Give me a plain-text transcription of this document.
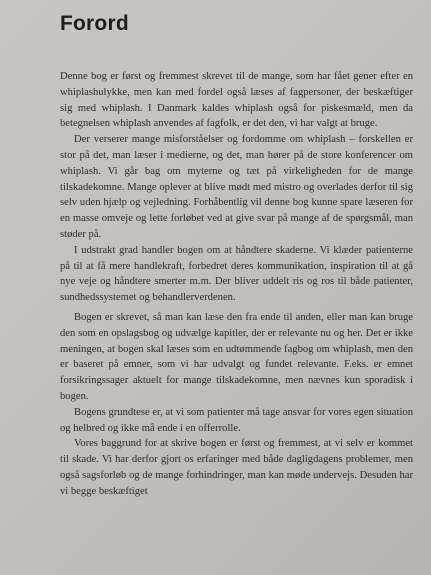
Forord

Denne bog er først og fremmest skrevet til de mange, som har fået gener efter en whiplashulykke, men kan med fordel også læses af fagpersoner, der beskæftiger sig med whiplash. I Danmark kaldes whiplash også for piskesmæld, men da betegnelsen whiplash anvendes af fagfolk, er det den, vi har valgt at bruge.

Der verserer mange misforståelser og fordomme om whiplash – forskellen er stor på det, man læser i medierne, og det, man hører på de store konferencer om whiplash. Vi går bag om myterne og tæt på virkeligheden for de mange tilskadekomne. Mange oplever at blive mødt med mistro og overlades derfor til sig selv uden hjælp og vejledning. Forhåbentlig vil denne bog kunne spare læseren for en masse omveje og lette forløbet ved at give svar på mange af de spørgsmål, man støder på.

I udstrakt grad handler bogen om at håndtere skaderne. Vi klæder patienterne på til at få mere handlekraft, forbedret deres kommunikation, inspiration til at gå nye veje og håndtere smerter m.m. Der bliver uddelt ris og ros til både patienter, sundhedssystemet og behandlerverdenen.

Bogen er skrevet, så man kan læse den fra ende til anden, eller man kan bruge den som en opslagsbog og udvælge kapitler, der er relevante nu og her. Det er ikke meningen, at bogen skal læses som en udtømmende fagbog om whiplash, men den er baseret på emner, som vi har udvalgt og fundet relevante. F.eks. er emnet forsikringssager aktuelt for mange tilskadekomne, men nævnes kun sporadisk i bogen.

Bogens grundtese er, at vi som patienter må tage ansvar for vores egen situation og helbred og ikke må ende i en offerrolle.

Vores baggrund for at skrive bogen er først og fremmest, at vi selv er kommet til skade. Vi har derfor gjort os erfaringer med både dagligdagens problemer, men også sagsforløb og de mange forhindringer, man kan møde undervejs. Desuden har vi begge beskæftiget
